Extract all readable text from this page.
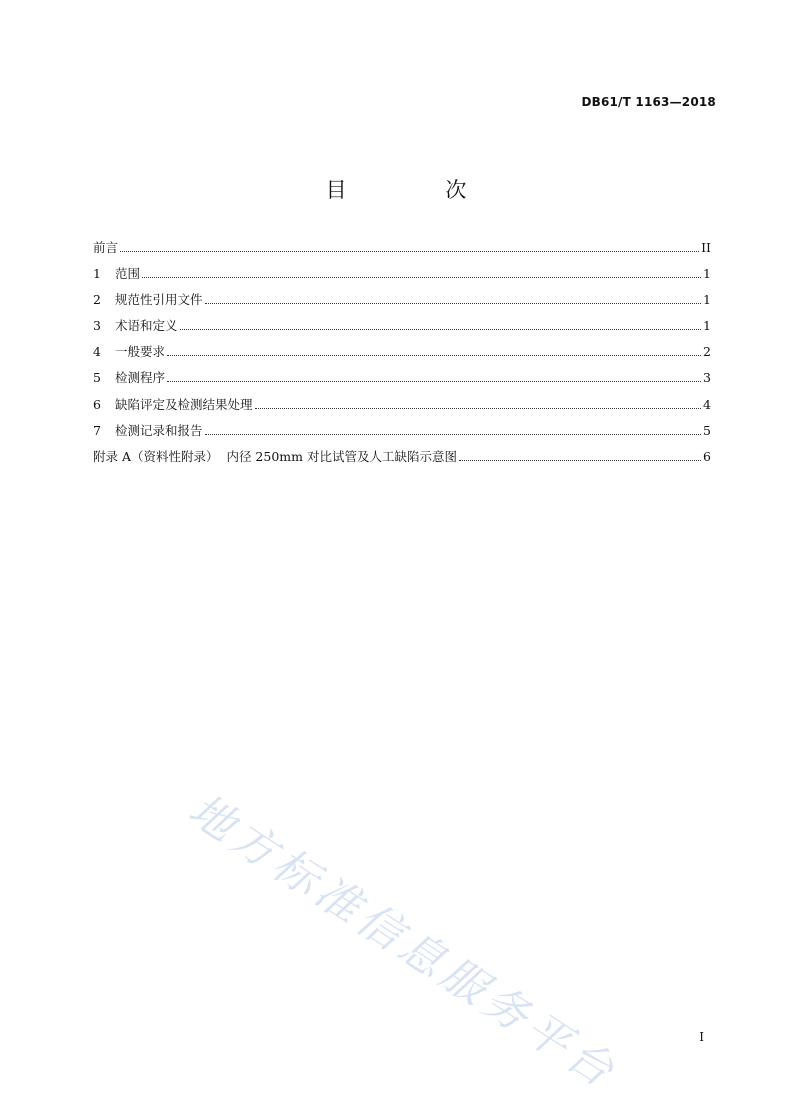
DB61/T 1163—2018
目 次
前言	II
1	范围	1
2	规范性引用文件	1
3	术语和定义	1
4	一般要求	2
5	检测程序	3
6	缺陷评定及检测结果处理	4
7	检测记录和报告	5
附录 A（资料性附录）  内径 250mm 对比试管及人工缺陷示意图	6
地方标准信息服务平台	I
